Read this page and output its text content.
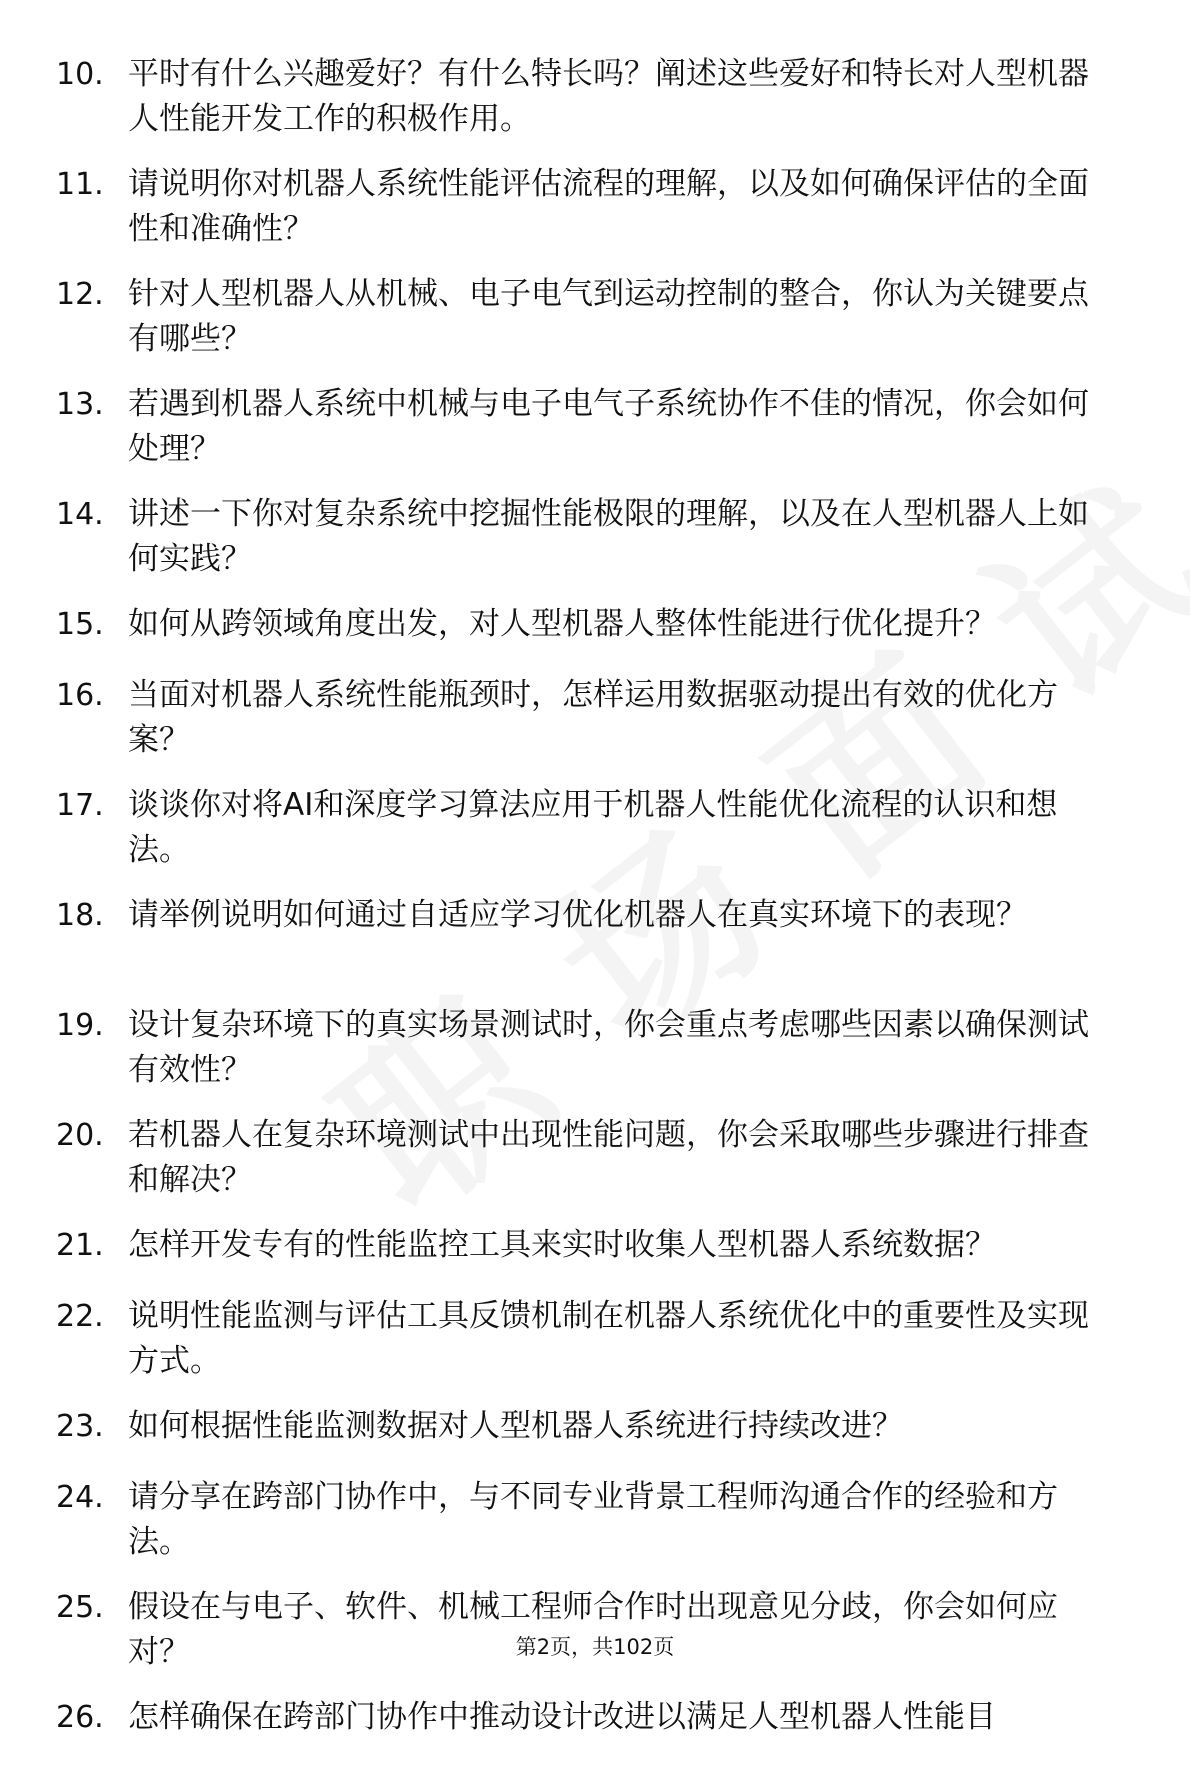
10. 平时有什么兴趣爱好？有什么特长吗？阐述这些爱好和特长对人型机器人性能开发工作的积极作用。
11. 请说明你对机器人系统性能评估流程的理解，以及如何确保评估的全面性和准确性？
12. 针对人型机器人从机械、电子电气到运动控制的整合，你认为关键要点有哪些？
13. 若遇到机器人系统中机械与电子电气子系统协作不佳的情况，你会如何处理？
14. 讲述一下你对复杂系统中挖掘性能极限的理解，以及在人型机器人上如何实践？
15. 如何从跨领域角度出发，对人型机器人整体性能进行优化提升？
16. 当面对机器人系统性能瓶颈时，怎样运用数据驱动提出有效的优化方案？
17. 谈谈你对将AI和深度学习算法应用于机器人性能优化流程的认识和想法。
18. 请举例说明如何通过自适应学习优化机器人在真实环境下的表现？
19. 设计复杂环境下的真实场景测试时，你会重点考虑哪些因素以确保测试有效性？
20. 若机器人在复杂环境测试中出现性能问题，你会采取哪些步骤进行排查和解决？
21. 怎样开发专有的性能监控工具来实时收集人型机器人系统数据？
22. 说明性能监测与评估工具反馈机制在机器人系统优化中的重要性及实现方式。
23. 如何根据性能监测数据对人型机器人系统进行持续改进？
24. 请分享在跨部门协作中，与不同专业背景工程师沟通合作的经验和方法。
25. 假设在与电子、软件、机械工程师合作时出现意见分歧，你会如何应对？
26. 怎样确保在跨部门协作中推动设计改进以满足人型机器人性能目
第2页，共102页
